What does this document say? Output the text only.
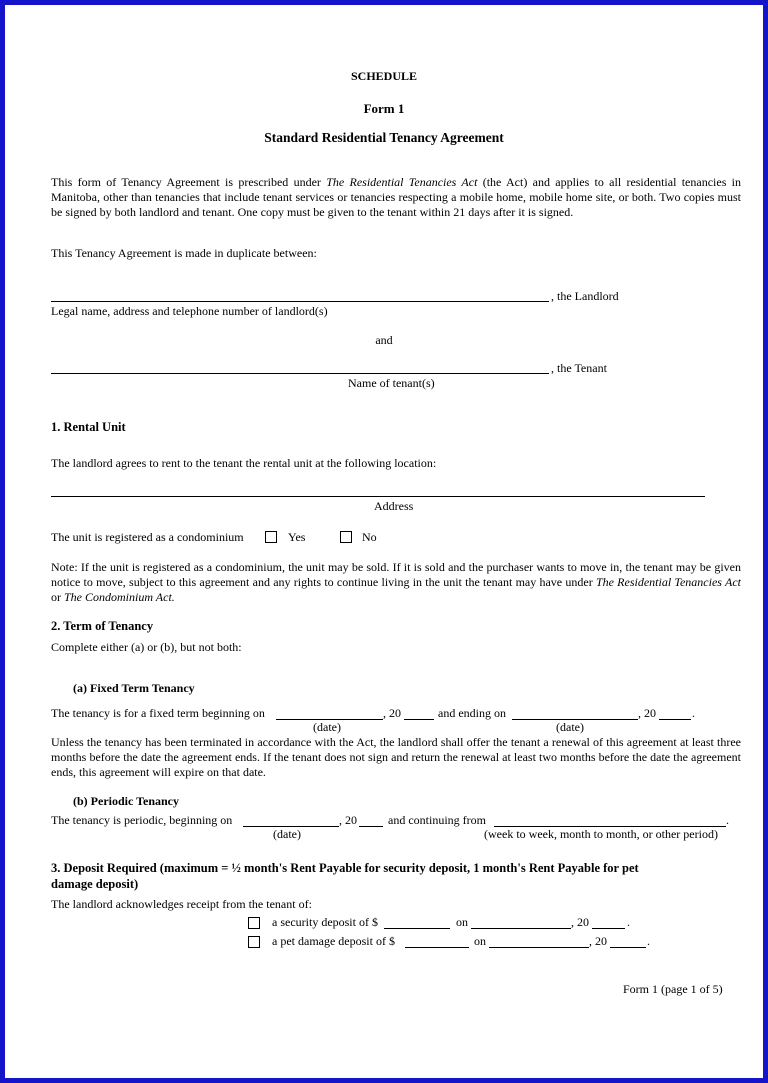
SCHEDULE
Form 1
Standard Residential Tenancy Agreement
This form of Tenancy Agreement is prescribed under The Residential Tenancies Act (the Act) and applies to all residential tenancies in Manitoba, other than tenancies that include tenant services or tenancies respecting a mobile home, mobile home site, or both. Two copies must be signed by both landlord and tenant. One copy must be given to the tenant within 21 days after it is signed.
This Tenancy Agreement is made in duplicate between:
, the Landlord
Legal name, address and telephone number of landlord(s)
and
, the Tenant
Name of tenant(s)
1. Rental Unit
The landlord agrees to rent to the tenant the rental unit at the following location:
Address
The unit is registered as a condominium	Yes	No
Note: If the unit is registered as a condominium, the unit may be sold. If it is sold and the purchaser wants to move in, the tenant may be given notice to move, subject to this agreement and any rights to continue living in the unit the tenant may have under The Residential Tenancies Act or The Condominium Act.
2. Term of Tenancy
Complete either (a) or (b), but not both:
(a) Fixed Term Tenancy
The tenancy is for a fixed term beginning on	, 20	and ending on	, 20	.
(date)	(date)
Unless the tenancy has been terminated in accordance with the Act, the landlord shall offer the tenant a renewal of this agreement at least three months before the date the agreement ends. If the tenant does not sign and return the renewal at least two months before the date the agreement ends, this agreement will expire on that date.
(b) Periodic Tenancy
The tenancy is periodic, beginning on	, 20	and continuing from	.
(date)	(week to week, month to month, or other period)
3. Deposit Required (maximum = ½ month's Rent Payable for security deposit, 1 month's Rent Payable for pet
damage deposit)
The landlord acknowledges receipt from the tenant of:
a security deposit of $	on	, 20	.
a pet damage deposit of $	on	, 20	.
Form 1 (page 1 of 5)
